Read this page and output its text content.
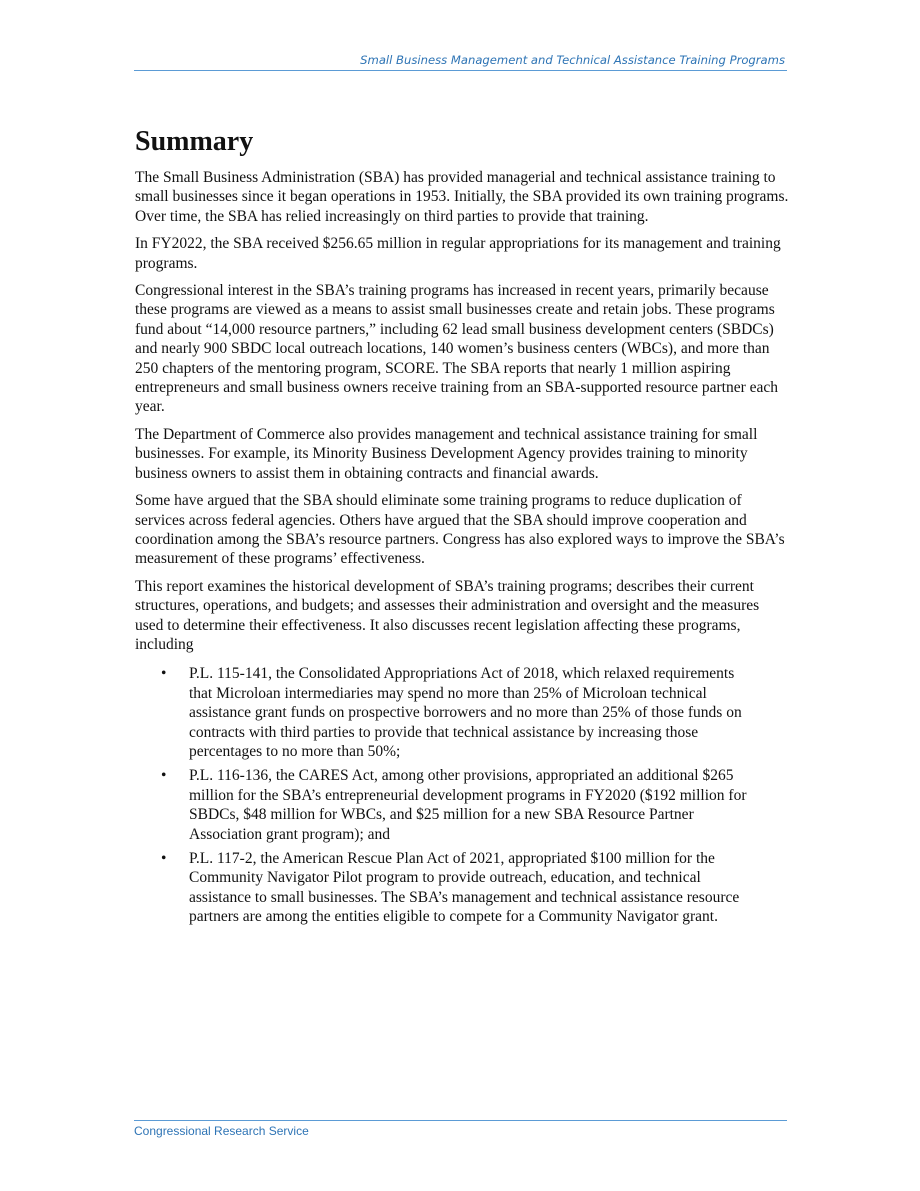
Small Business Management and Technical Assistance Training Programs
Summary

The Small Business Administration (SBA) has provided managerial and technical assistance training to small businesses since it began operations in 1953. Initially, the SBA provided its own training programs. Over time, the SBA has relied increasingly on third parties to provide that training.

In FY2022, the SBA received $256.65 million in regular appropriations for its management and training programs.

Congressional interest in the SBA’s training programs has increased in recent years, primarily because these programs are viewed as a means to assist small businesses create and retain jobs. These programs fund about “14,000 resource partners,” including 62 lead small business development centers (SBDCs) and nearly 900 SBDC local outreach locations, 140 women’s business centers (WBCs), and more than 250 chapters of the mentoring program, SCORE. The SBA reports that nearly 1 million aspiring entrepreneurs and small business owners receive training from an SBA-supported resource partner each year.

The Department of Commerce also provides management and technical assistance training for small businesses. For example, its Minority Business Development Agency provides training to minority business owners to assist them in obtaining contracts and financial awards.

Some have argued that the SBA should eliminate some training programs to reduce duplication of services across federal agencies. Others have argued that the SBA should improve cooperation and coordination among the SBA’s resource partners. Congress has also explored ways to improve the SBA’s measurement of these programs’ effectiveness.

This report examines the historical development of SBA’s training programs; describes their current structures, operations, and budgets; and assesses their administration and oversight and the measures used to determine their effectiveness. It also discusses recent legislation affecting these programs, including

• P.L. 115-141, the Consolidated Appropriations Act of 2018, which relaxed requirements that Microloan intermediaries may spend no more than 25% of Microloan technical assistance grant funds on prospective borrowers and no more than 25% of those funds on contracts with third parties to provide that technical assistance by increasing those percentages to no more than 50%;
• P.L. 116-136, the CARES Act, among other provisions, appropriated an additional $265 million for the SBA’s entrepreneurial development programs in FY2020 ($192 million for SBDCs, $48 million for WBCs, and $25 million for a new SBA Resource Partner Association grant program); and
• P.L. 117-2, the American Rescue Plan Act of 2021, appropriated $100 million for the Community Navigator Pilot program to provide outreach, education, and technical assistance to small businesses. The SBA’s management and technical assistance resource partners are among the entities eligible to compete for a Community Navigator grant.
Congressional Research Service
